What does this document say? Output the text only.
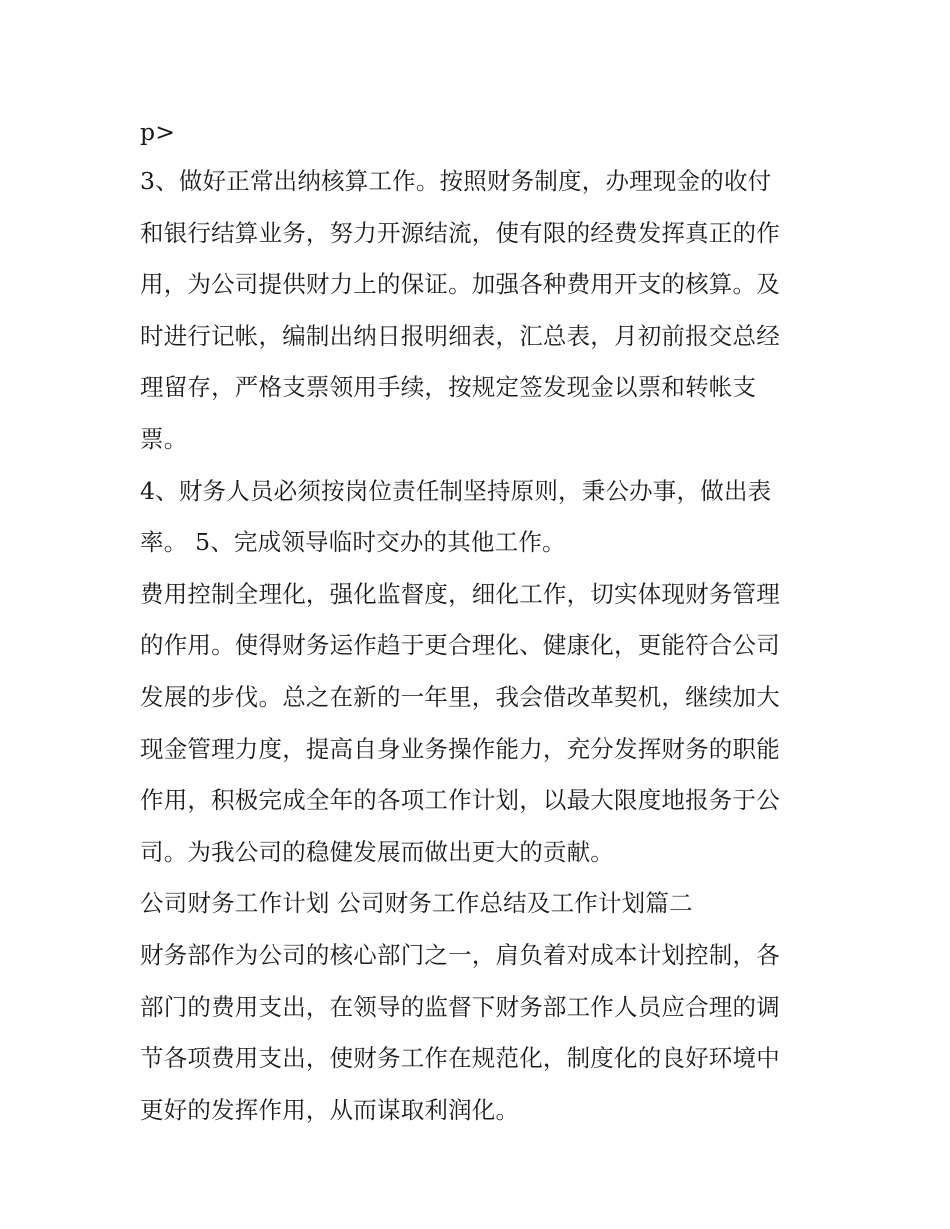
p>
3、做好正常出纳核算工作。按照财务制度，办理现金的收付
和银行结算业务，努力开源结流，使有限的经费发挥真正的作
用，为公司提供财力上的保证。加强各种费用开支的核算。及
时进行记帐，编制出纳日报明细表，汇总表，月初前报交总经
理留存，严格支票领用手续，按规定签发现金以票和转帐支
票。
4、财务人员必须按岗位责任制坚持原则，秉公办事，做出表
率。 5、完成领导临时交办的其他工作。
费用控制全理化，强化监督度，细化工作，切实体现财务管理
的作用。使得财务运作趋于更合理化、健康化，更能符合公司
发展的步伐。总之在新的一年里，我会借改革契机，继续加大
现金管理力度，提高自身业务操作能力，充分发挥财务的职能
作用，积极完成全年的各项工作计划，以最大限度地报务于公
司。为我公司的稳健发展而做出更大的贡献。
公司财务工作计划 公司财务工作总结及工作计划篇二
财务部作为公司的核心部门之一，肩负着对成本计划控制，各
部门的费用支出，在领导的监督下财务部工作人员应合理的调
节各项费用支出，使财务工作在规范化，制度化的良好环境中
更好的发挥作用，从而谋取利润化。
